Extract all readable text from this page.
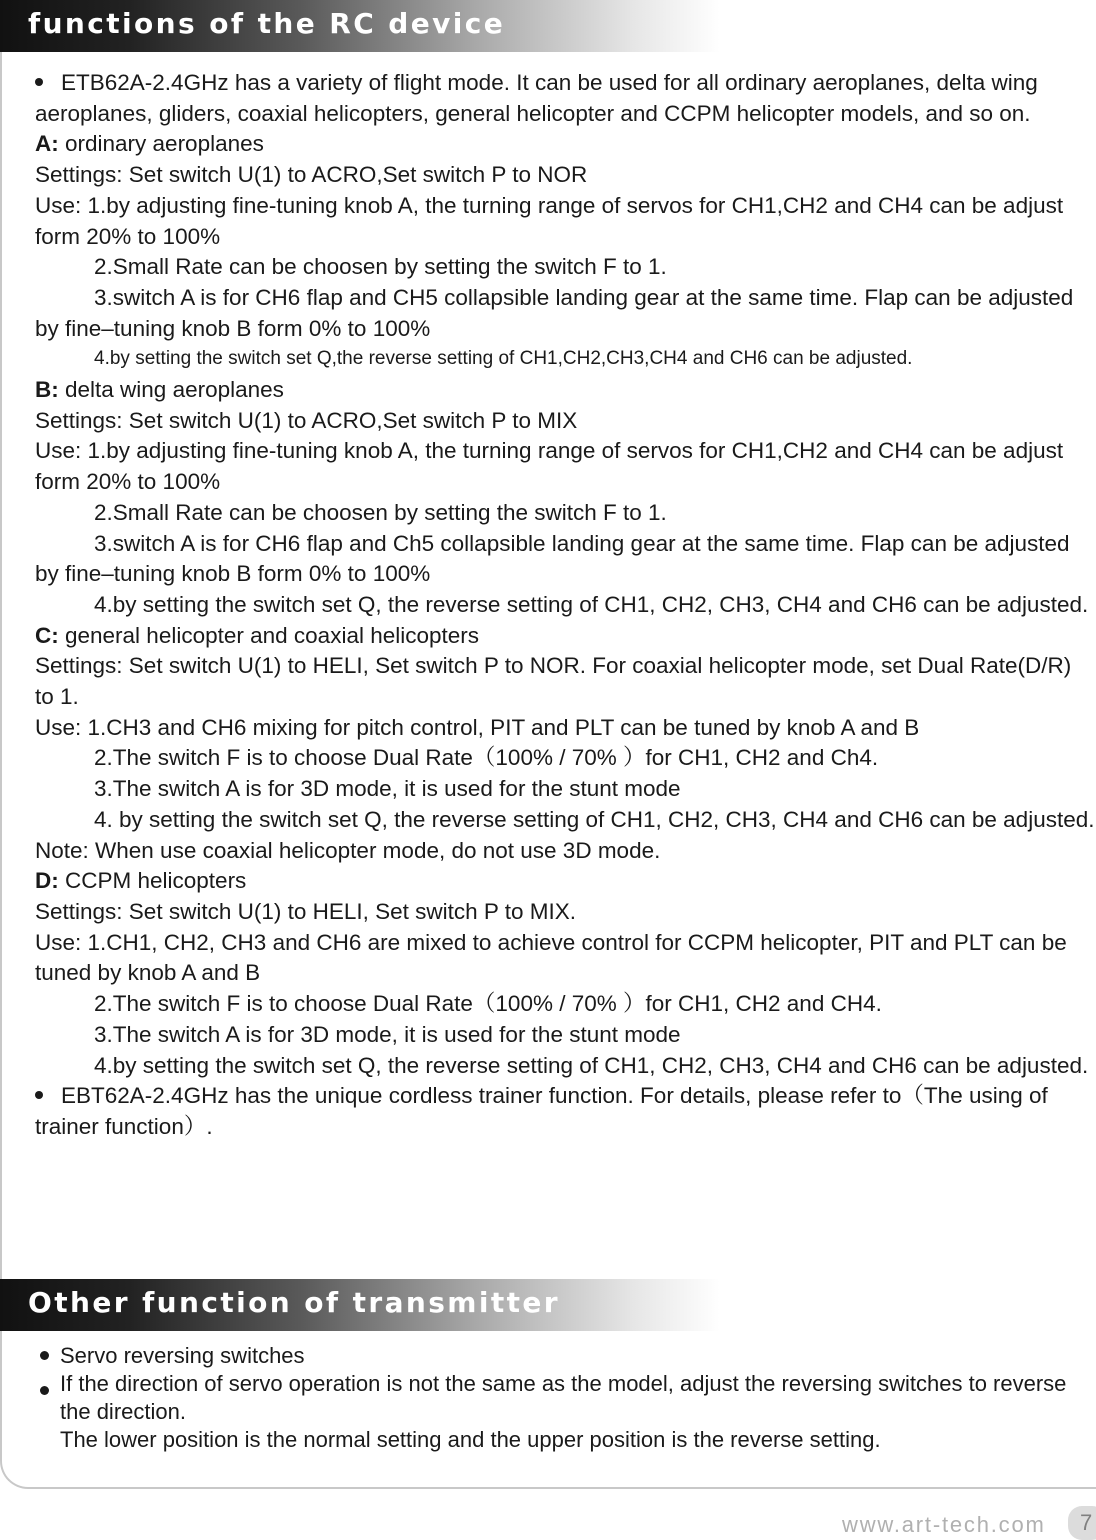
functions of the RC device

ETB62A-2.4GHz has a variety of flight mode. It can be used for all ordinary aeroplanes, delta wing aeroplanes, gliders, coaxial helicopters, general helicopter and CCPM helicopter models, and so on.

A: ordinary aeroplanes

Settings: Set switch U(1) to ACRO,Set switch P to NOR

Use: 1.by adjusting fine-tuning knob A, the turning range of servos for CH1,CH2 and CH4 can be adjust form 20% to 100%

2.Small Rate can be choosen by setting the switch F to 1.

3.switch A is for CH6 flap and CH5 collapsible landing gear at the same time. Flap can be adjusted by fine–tuning knob B form 0% to 100%

4.by setting the switch set Q,the reverse setting of CH1,CH2,CH3,CH4 and CH6 can be adjusted.

B: delta wing aeroplanes

Settings: Set switch U(1) to ACRO,Set switch P to MIX

Use: 1.by adjusting fine-tuning knob A, the turning range of servos for CH1,CH2 and CH4 can be adjust form 20% to 100%

2.Small Rate can be choosen by setting the switch F to 1.

3.switch A is for CH6 flap and Ch5 collapsible landing gear at the same time. Flap can be adjusted by fine–tuning knob B form 0% to 100%

4.by setting the switch set Q, the reverse setting of CH1, CH2, CH3, CH4 and CH6 can be adjusted.

C: general helicopter and coaxial helicopters

Settings: Set switch U(1) to HELI, Set switch P to NOR. For coaxial helicopter mode, set Dual Rate(D/R) to 1.

Use: 1.CH3 and CH6 mixing for pitch control, PIT and PLT can be tuned by knob A and B

2.The switch F is to choose Dual Rate（100% / 70% ）for CH1, CH2 and Ch4.

3.The switch A is for 3D mode, it is used for the stunt mode

4. by setting the switch set Q, the reverse setting of CH1, CH2, CH3, CH4 and CH6 can be adjusted.

Note: When use coaxial helicopter mode, do not use 3D mode.

D: CCPM helicopters

Settings: Set switch U(1) to HELI, Set switch P to MIX.

Use: 1.CH1, CH2, CH3 and CH6 are mixed to achieve control for CCPM helicopter, PIT and PLT can be tuned by knob A and B

2.The switch F is to choose Dual Rate（100% / 70% ）for CH1, CH2 and CH4.

3.The switch A is for 3D mode, it is used for the stunt mode

4.by setting the switch set Q, the reverse setting of CH1, CH2, CH3, CH4 and CH6 can be adjusted.

EBT62A-2.4GHz has the unique cordless trainer function. For details, please refer to（The using of trainer function）.

Other function of transmitter

Servo reversing switches

If the direction of servo operation is not the same as the model, adjust the reversing switches to reverse the direction.

The lower position is the normal setting and the upper position is the reverse setting.

www.art-tech.com	7
